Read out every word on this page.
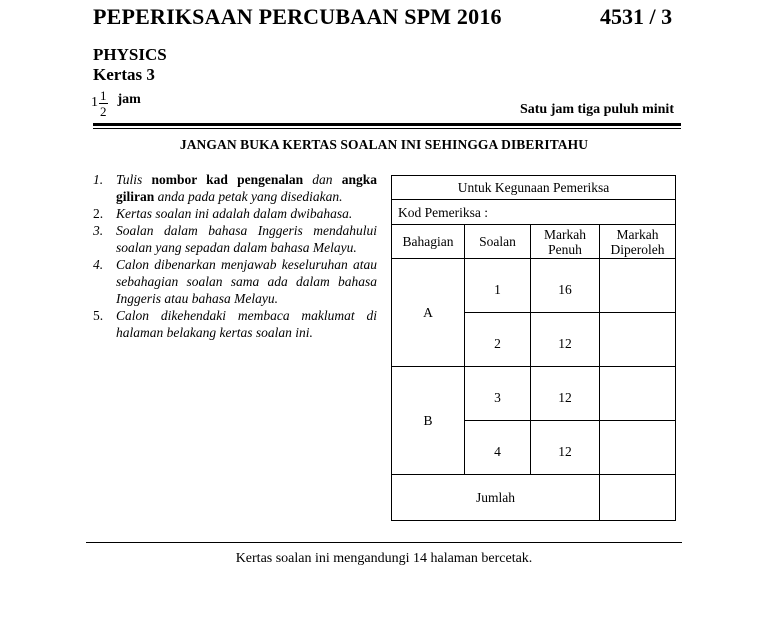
PEPERIKSAAN PERCUBAAN SPM 2016	4531 / 3
PHYSICS
Kertas 3
$1 \frac{1}{2}$ jam
Satu jam tiga puluh minit
JANGAN BUKA KERTAS SOALAN INI SEHINGGA DIBERITAHU
1. Tulis nombor kad pengenalan dan angka giliran anda pada petak yang disediakan.
2. Kertas soalan ini adalah dalam dwibahasa.
3. Soalan dalam bahasa Inggeris mendahului soalan yang sepadan dalam bahasa Melayu.
4. Calon dibenarkan menjawab keseluruhan atau sebahagian soalan sama ada dalam bahasa Inggeris atau bahasa Melayu.
5. Calon dikehendaki membaca maklumat di halaman belakang kertas soalan ini.
Untuk Kegunaan Pemeriksa			
Kod Pemeriksa :			
Bahagian	Soalan	Markah Penuh	Markah Diperoleh
A	1	16	
	2	12	
B	3	12	
	4	12	
Jumlah			
Kertas soalan ini mengandungi 14 halaman bercetak.
